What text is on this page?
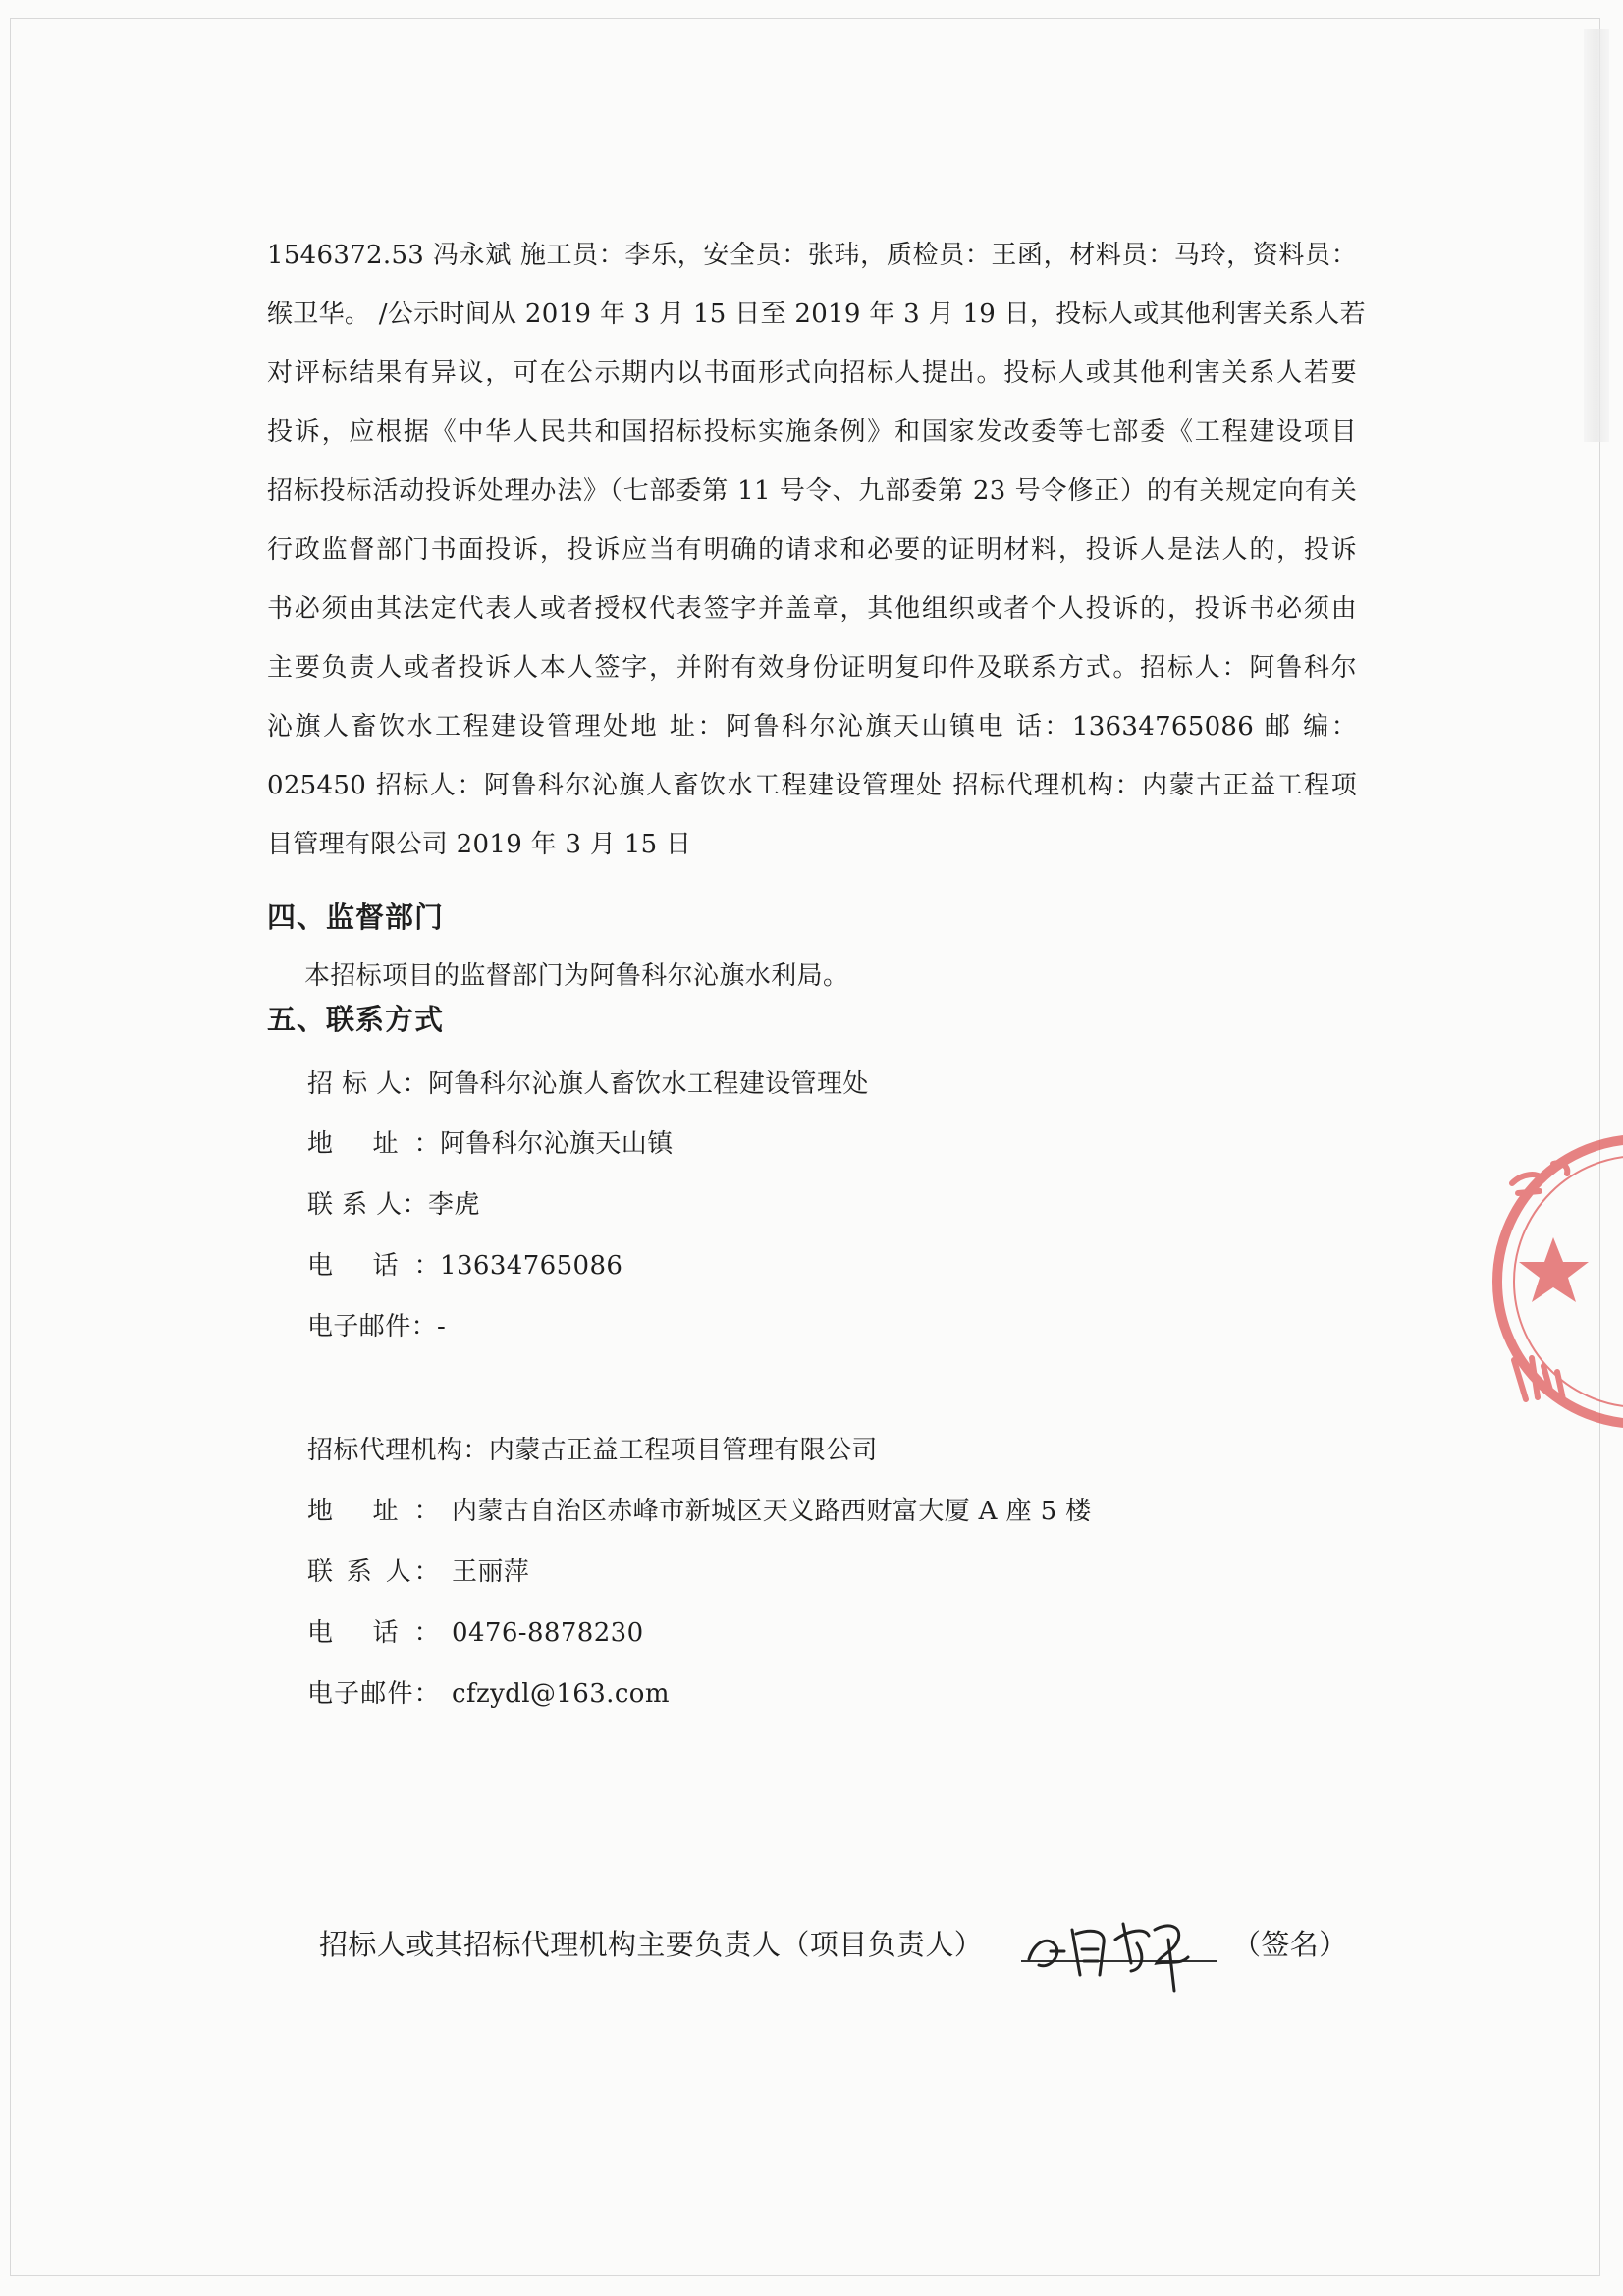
1546372.53 冯永斌 施工员：李乐，安全员：张玮，质检员：王函，材料员：马玲，资料员：
缑卫华。 /公示时间从 2019 年 3 月 15 日至 2019 年 3 月 19 日，投标人或其他利害关系人若
对评标结果有异议，可在公示期内以书面形式向招标人提出。投标人或其他利害关系人若要
投诉，应根据《中华人民共和国招标投标实施条例》和国家发改委等七部委《工程建设项目
招标投标活动投诉处理办法》（七部委第 11 号令、九部委第 23 号令修正）的有关规定向有关
行政监督部门书面投诉，投诉应当有明确的请求和必要的证明材料，投诉人是法人的，投诉
书必须由其法定代表人或者授权代表签字并盖章，其他组织或者个人投诉的，投诉书必须由
主要负责人或者投诉人本人签字，并附有效身份证明复印件及联系方式。招标人：阿鲁科尔
沁旗人畜饮水工程建设管理处地 址：阿鲁科尔沁旗天山镇电 话：13634765086 邮 编：
025450 招标人：阿鲁科尔沁旗人畜饮水工程建设管理处 招标代理机构：内蒙古正益工程项
目管理有限公司 2019 年 3 月 15 日
四、监督部门
本招标项目的监督部门为阿鲁科尔沁旗水利局。
五、联系方式
招 标 人：阿鲁科尔沁旗人畜饮水工程建设管理处
地 址：阿鲁科尔沁旗天山镇
联 系 人：李虎
电 话：13634765086
电子邮件：-
招标代理机构：内蒙古正益工程项目管理有限公司
地 址： 内蒙古自治区赤峰市新城区天义路西财富大厦 A 座 5 楼
联 系 人： 王丽萍
电 话： 0476-8878230
电子邮件： cfzydl@163.com
招标人或其招标代理机构主要负责人（项目负责人）	（签名）
